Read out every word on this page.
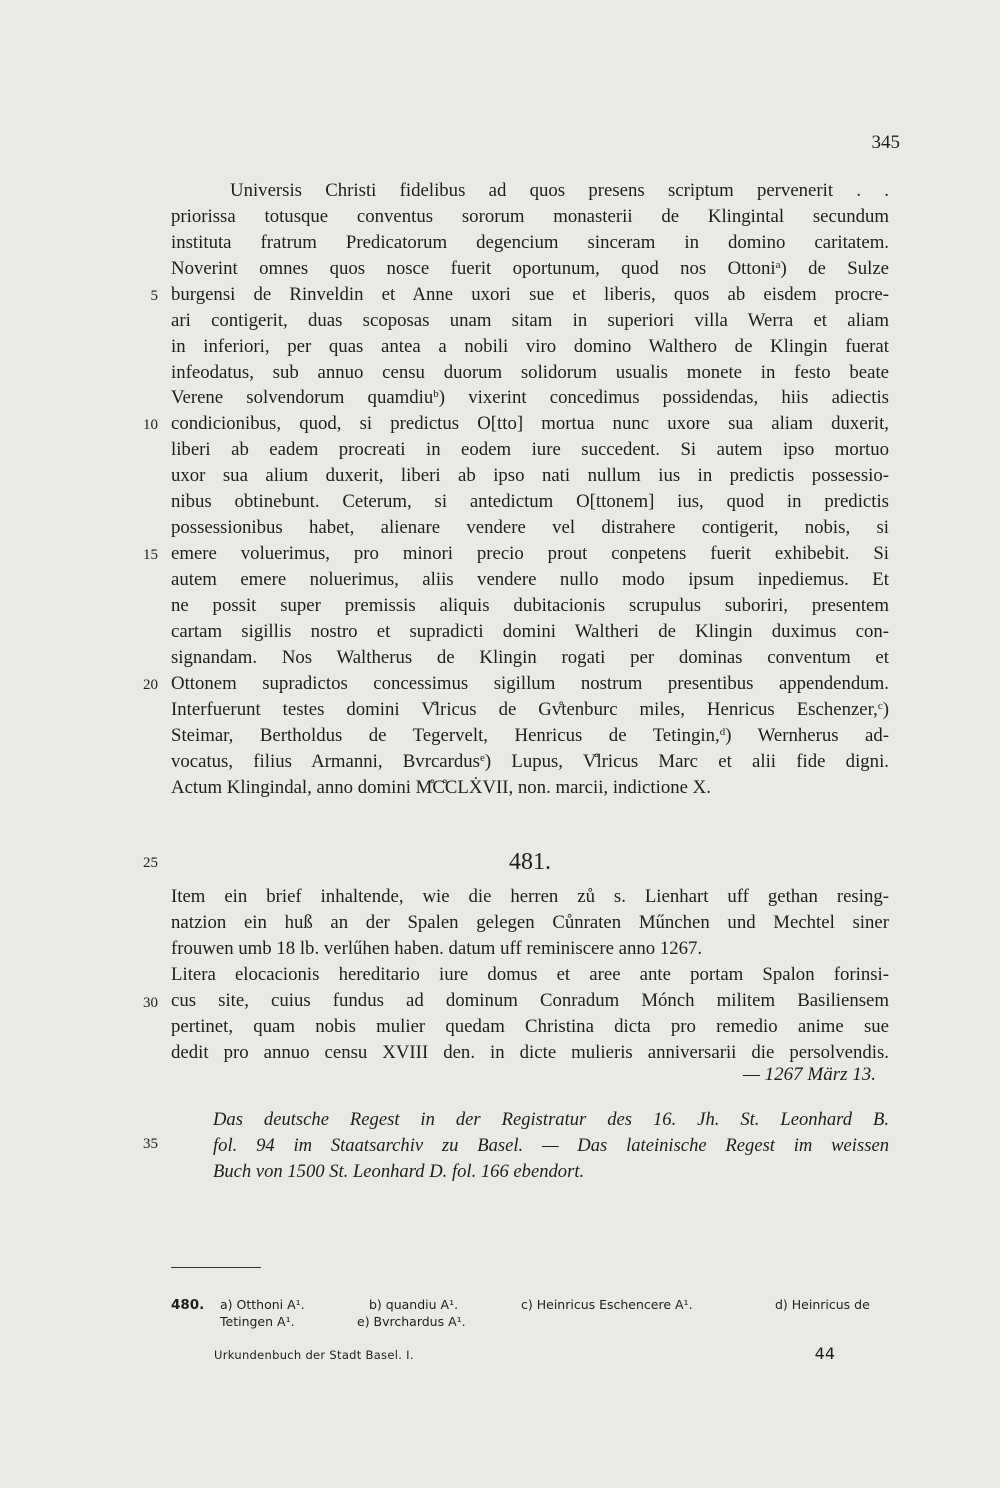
345
Universis Christi fidelibus ad quos presens scriptum pervenerit . .
priorissa totusque conventus sororum monasterii de Klingintal secundum
instituta fratrum Predicatorum degencium sinceram in domino caritatem.
Noverint omnes quos nosce fuerit oportunum, quod nos Ottoni$^a$) de Sulze
burgensi de Rinveldin et Anne uxori sue et liberis, quos ab eisdem procre-
ari contigerit, duas scoposas unam sitam in superiori villa Werra et aliam
in inferiori, per quas antea a nobili viro domino Walthero de Klingin fuerat
infeodatus, sub annuo censu duorum solidorum usualis monete in festo beate
Verene solvendorum quamdiu$^b$) vixerint concedimus possidendas, hiis adiectis
condicionibus, quod, si predictus O[tto] mortua nunc uxore sua aliam duxerit,
liberi ab eadem procreati in eodem iure succedent. Si autem ipso mortuo
uxor sua alium duxerit, liberi ab ipso nati nullum ius in predictis possessio-
nibus obtinebunt. Ceterum, si antedictum O[ttonem] ius, quod in predictis
possessionibus habet, alienare vendere vel distrahere contigerit, nobis, si
emere voluerimus, pro minori precio prout conpetens fuerit exhibebit. Si
autem emere noluerimus, aliis vendere nullo modo ipsum inpediemus. Et
ne possit super premissis aliquis dubitacionis scrupulus suboriri, presentem
cartam sigillis nostro et supradicti domini Waltheri de Klingin duximus con-
signandam. Nos Waltherus de Klingin rogati per dominas conventum et
Ottonem supradictos concessimus sigillum nostrum presentibus appendendum.
Interfuerunt testes domini V̊lricus de Gv̊tenburc miles, Henricus Eschenzer,$^c$)
Steimar, Bertholdus de Tegervelt, Henricus de Tetingin,$^d$) Wernherus ad-
vocatus, filius Armanni, Bvrcardus$^e$) Lupus, V̊lricus Marc et alii fide digni.
Actum Klingindal, anno domini M̊C̊CLẊVII, non. marcii, indictione X.
5
10
15
20
25
30
35
481.
Item ein brief inhaltende, wie die herren zů s. Lienhart uff gethan resing-
natzion ein huß an der Spalen gelegen Cůnraten Műnchen und Mechtel siner
frouwen umb 18 lb. verlűhen haben. datum uff reminiscere anno 1267.
Litera elocacionis hereditario iure domus et aree ante portam Spalon forinsi-
cus site, cuius fundus ad dominum Conradum Mónch militem Basiliensem
pertinet, quam nobis mulier quedam Christina dicta pro remedio anime sue
dedit pro annuo censu XVIII den. in dicte mulieris anniversarii die persolvendis.
— 1267 März 13.
Das deutsche Regest in der Registratur des 16. Jh. St. Leonhard B.
fol. 94 im Staatsarchiv zu Basel. — Das lateinische Regest im weissen
Buch von 1500 St. Leonhard D. fol. 166 ebendort.
480. a) Otthoni A¹.	b) quandiu A¹.	c) Heinricus Eschencere A¹.	d) Heinricus de
Tetingen A¹.	e) Bvrchardus A¹.
Urkundenbuch der Stadt Basel. I.	44
